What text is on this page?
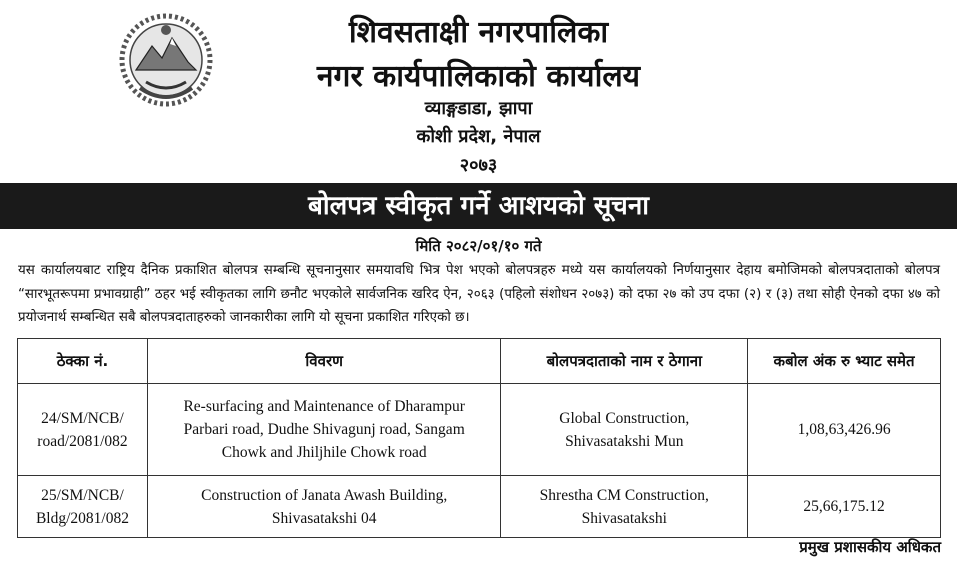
शिवसताक्षी नगरपालिका
नगर कार्यपालिकाको कार्यालय
व्याङ्गडाडा, झापा
कोशी प्रदेश, नेपाल
२०७३
बोलपत्र स्वीकृत गर्ने आशयको सूचना
मिति २०८२/०१/१० गते
यस कार्यालयबाट राष्ट्रिय दैनिक प्रकाशित बोलपत्र सम्बन्धि सूचनानुसार समयावधि भित्र पेश भएको बोलपत्रहरु मध्ये यस कार्यालयको निर्णयानुसार देहाय बमोजिमको बोलपत्रदाताको बोलपत्र “सारभूतरूपमा प्रभावग्राही” ठहर भई स्वीकृतका लागि छनौट भएकोले सार्वजनिक खरिद ऐन, २०६३ (पहिलो संशोधन २०७३) को दफा २७ को उप दफा (२) र (३) तथा सोही ऐनको दफा ४७ को प्रयोजनार्थ सम्बन्धित सबै बोलपत्रदाताहरुको जानकारीका लागि यो सूचना प्रकाशित गरिएको छ।
ठेक्का नं.	विवरण	बोलपत्रदाताको नाम र ठेगाना	कबोल अंक रु भ्याट समेत
24/SM/NCB/ road/2081/082	Re-surfacing and Maintenance of Dharampur Parbari road, Dudhe Shivagunj road, Sangam Chowk and Jhiljhile Chowk road	Global Construction, Shivasatakshi Mun	1,08,63,426.96
25/SM/NCB/ Bldg/2081/082	Construction of Janata Awash Building, Shivasatakshi 04	Shrestha CM Construction, Shivasatakshi	25,66,175.12
प्रमुख प्रशासकीय अधिकत
